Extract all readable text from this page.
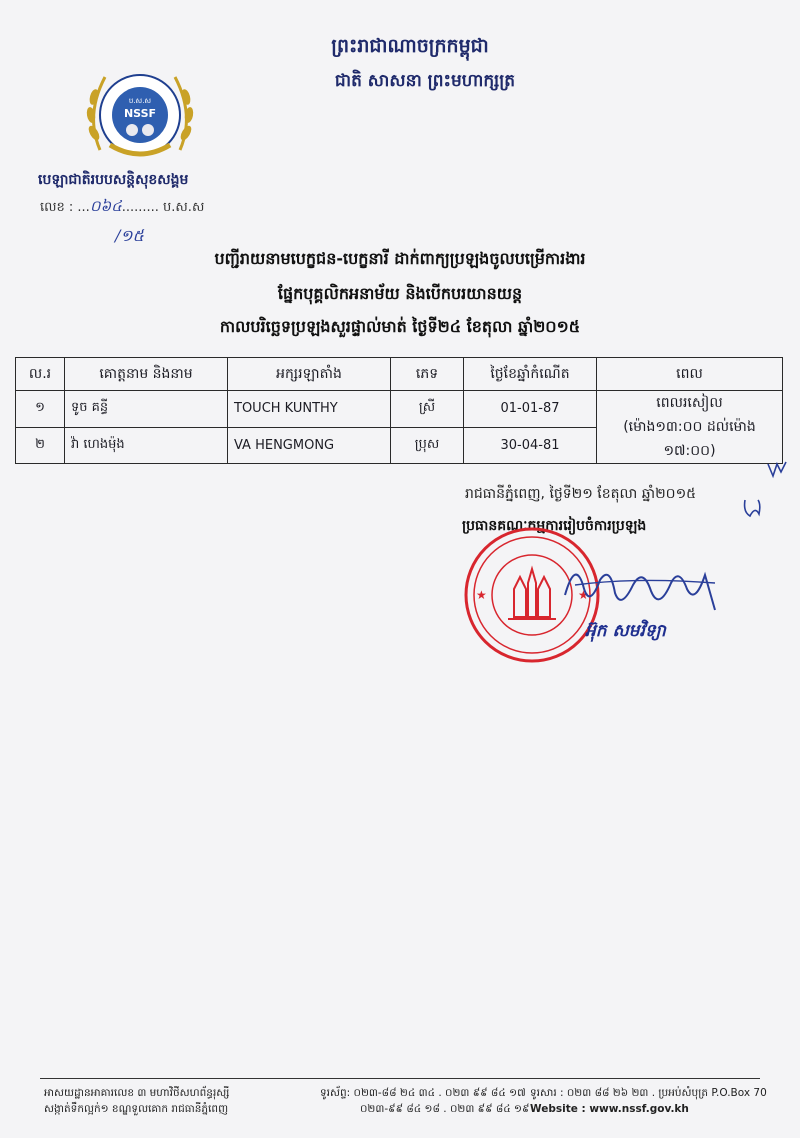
ព្រះរាជាណាចក្រកម្ពុជា
ជាតិ សាសនា ព្រះមហាក្សត្រ
ប.ស.ស
NSSF
បេឡាជាតិរបបសន្តិសុខសង្គម
លេខ : ...០៦៤......... ប.ស.ស
/១៥
បញ្ជីរាយនាមបេក្ខជន-បេក្ខនារី ដាក់ពាក្យប្រឡងចូលបម្រើការងារ
ផ្នែកបុគ្គលិកអនាម័យ និងបើកបរយានយន្ត
កាលបរិច្ឆេទប្រឡងសួរផ្ទាល់មាត់ ថ្ងៃទី២៤ ខែតុលា ឆ្នាំ២០១៥
ល.រ	គោត្តនាម និងនាម	អក្សរឡាតាំង	ភេទ	ថ្ងៃខែឆ្នាំកំណើត	ពេល
១	ទូច គន្ធី	TOUCH KUNTHY	ស្រី	01-01-87	ពេលរសៀល
(ម៉ោង១៣:០០ ដល់ម៉ោង ១៧:០០)

២	វ៉ា ហេងម៉ុង	VA HENGMONG	ប្រុស	30-04-81	
រាជធានីភ្នំពេញ, ថ្ងៃទី២១ ខែតុលា ឆ្នាំ២០១៥
ប្រធានគណៈកម្មការរៀបចំការប្រឡង
★	★
អ៊ុក សមវិទ្យា
អាសយដ្ឋានអាគារលេខ ៣ មហាវិថីសហព័ន្ធរុស្សី
សង្កាត់ទឹកល្អក់១ ខណ្ឌទួលគោក រាជធានីភ្នំពេញ
ទូរស័ព្ទ: ០២៣-៨៨ ២៤ ៣៤ . ០២៣ ៩៩ ៨៤ ១៧
០២៣-៩៩ ៨៤ ១៨ . ០២៣ ៩៩ ៨៤ ១៩
ទូរសារ : ០២៣ ៨៨ ២៦ ២៣ . ប្រអប់សំបុត្រ P.O.Box 70
Website : www.nssf.gov.kh
